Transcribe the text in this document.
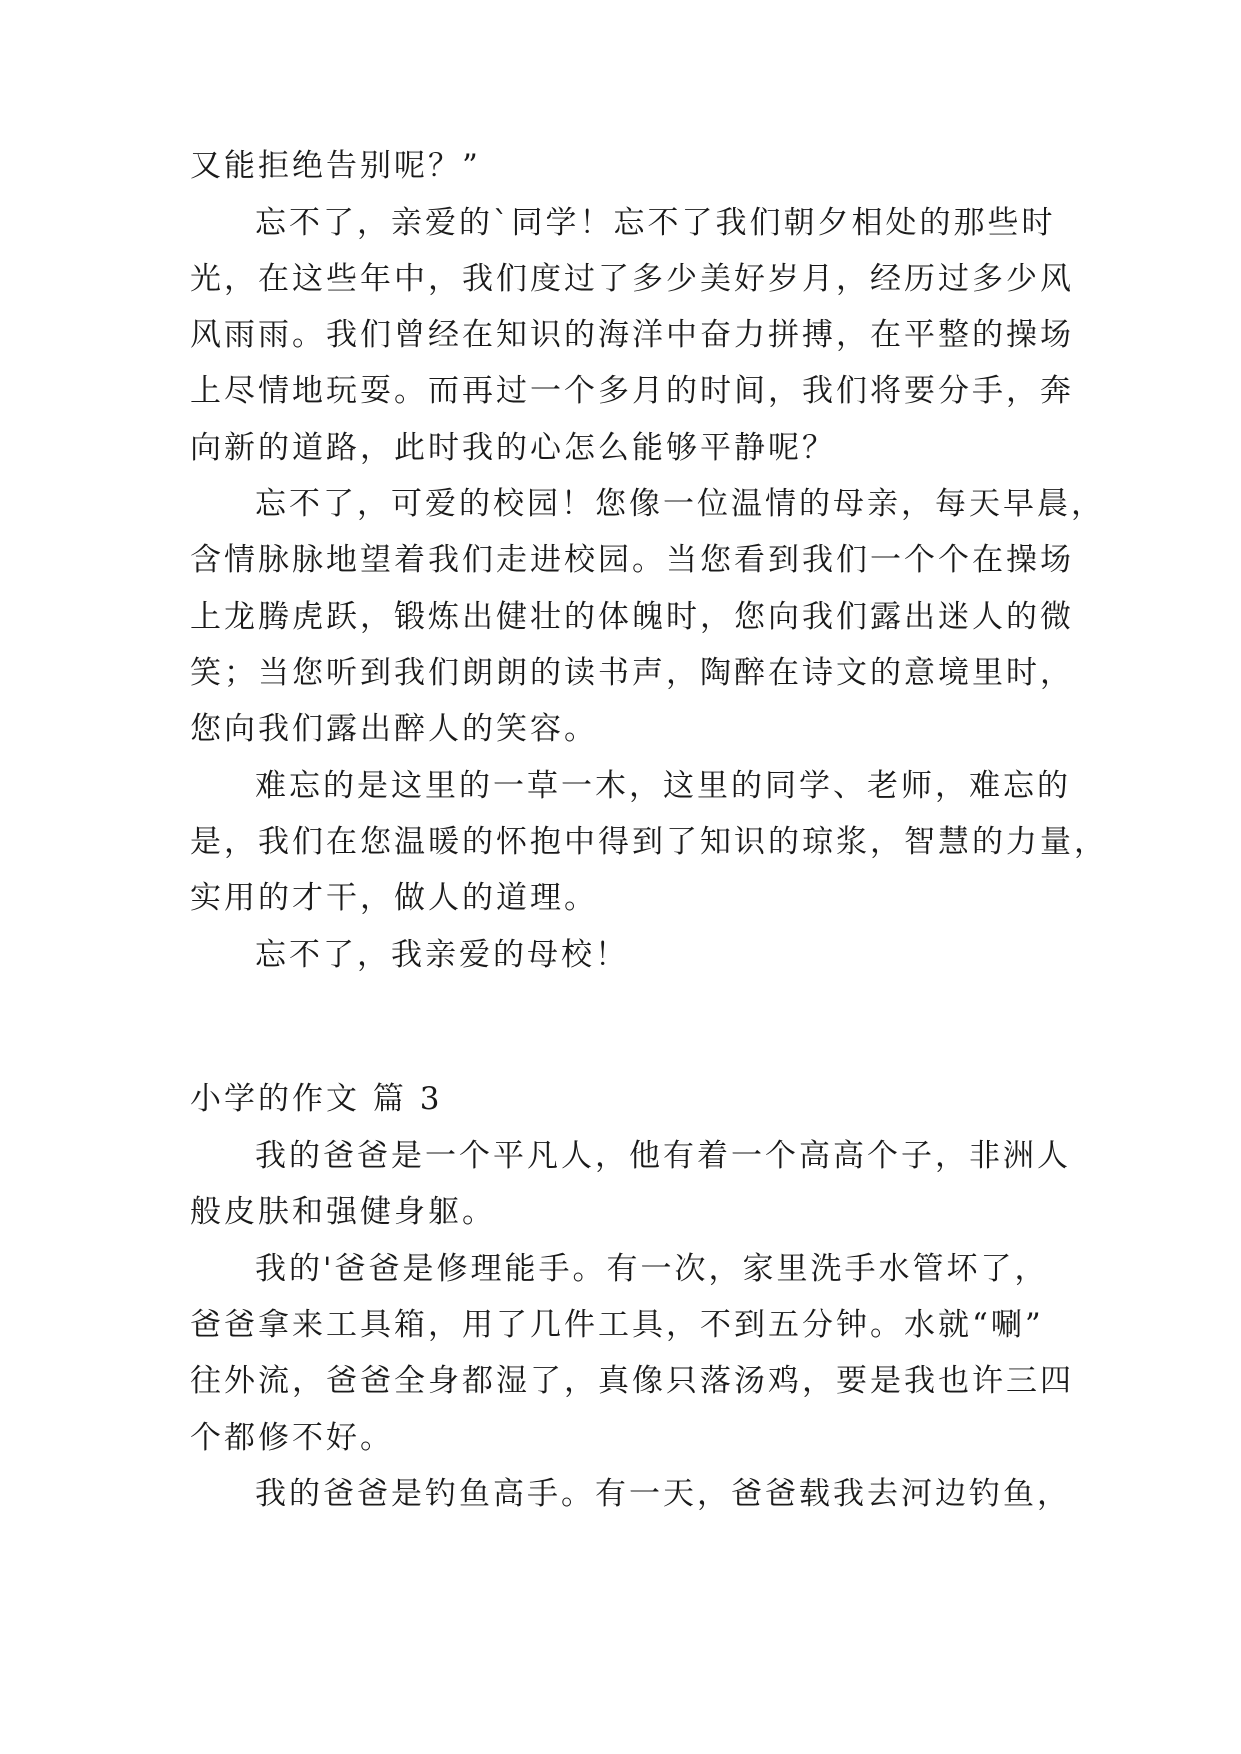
又能拒绝告别呢？”
忘不了，亲爱的`同学！忘不了我们朝夕相处的那些时
光，在这些年中，我们度过了多少美好岁月，经历过多少风
风雨雨。我们曾经在知识的海洋中奋力拼搏，在平整的操场
上尽情地玩耍。而再过一个多月的时间，我们将要分手，奔
向新的道路，此时我的心怎么能够平静呢？
忘不了，可爱的校园！您像一位温情的母亲，每天早晨，
含情脉脉地望着我们走进校园。当您看到我们一个个在操场
上龙腾虎跃，锻炼出健壮的体魄时，您向我们露出迷人的微
笑；当您听到我们朗朗的读书声，陶醉在诗文的意境里时，
您向我们露出醉人的笑容。
难忘的是这里的一草一木，这里的同学、老师，难忘的
是，我们在您温暖的怀抱中得到了知识的琼浆，智慧的力量，
实用的才干，做人的道理。
忘不了，我亲爱的母校！
小学的作文 篇 3
我的爸爸是一个平凡人，他有着一个高高个子，非洲人
般皮肤和强健身躯。
我的'爸爸是修理能手。有一次，家里洗手水管坏了，
爸爸拿来工具箱，用了几件工具，不到五分钟。水就“唰”
往外流，爸爸全身都湿了，真像只落汤鸡，要是我也许三四
个都修不好。
我的爸爸是钓鱼高手。有一天，爸爸载我去河边钓鱼，
